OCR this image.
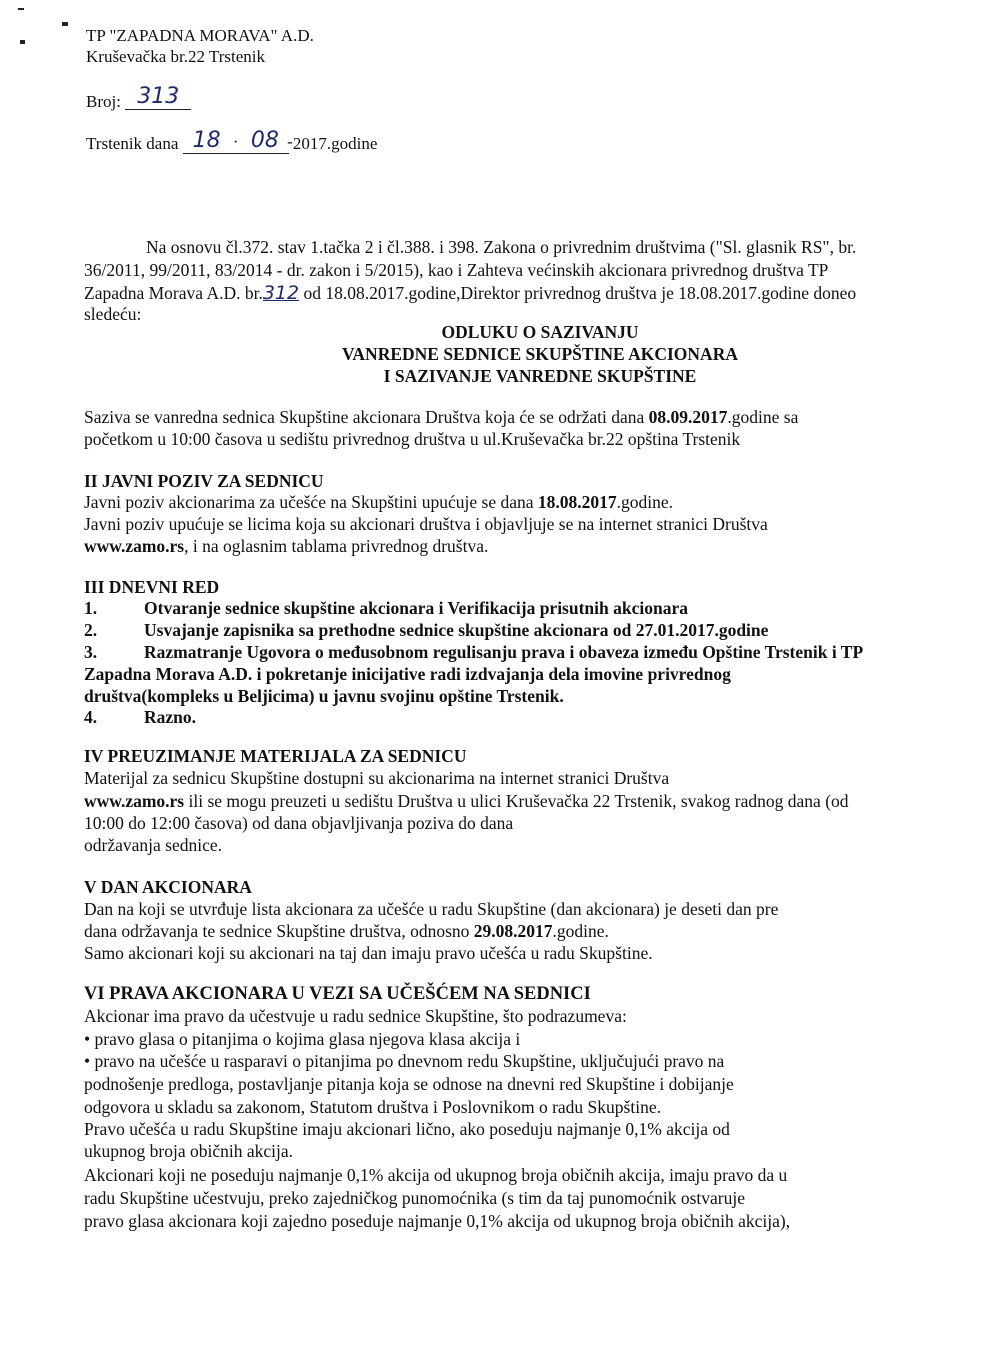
TP "ZAPADNA MORAVA" A.D.
Kruševačka br.22 Trstenik
Broj: 313
Trstenik dana 18 · 08 - 2017.godine
Na osnovu čl.372. stav 1.tačka 2 i čl.388. i 398. Zakona o privrednim društvima ("Sl. glasnik RS", br.
36/2011, 99/2011, 83/2014 - dr. zakon i 5/2015), kao i Zahteva većinskih akcionara privrednog društva TP
Zapadna Morava A.D. br.312 od 18.08.2017.godine,Direktor privrednog društva je 18.08.2017.godine doneo
sledeću:
ODLUKU O SAZIVANJU
VANREDNE SEDNICE SKUPŠTINE AKCIONARA
I SAZIVANJE VANREDNE SKUPŠTINE
Saziva se vanredna sednica Skupštine akcionara Društva koja će se održati dana 08.09.2017.godine sa
početkom u 10:00 časova u sedištu privrednog društva u ul.Kruševačka br.22 opština Trstenik
II JAVNI POZIV ZA SEDNICU
Javni poziv akcionarima za učešće na Skupštini upućuje se dana 18.08.2017.godine.
Javni poziv upućuje se licima koja su akcionari društva i objavljuje se na internet stranici Društva
www.zamo.rs, i na oglasnim tablama privrednog društva.
III DNEVNI RED
1.	Otvaranje sednice skupštine akcionara i Verifikacija prisutnih akcionara
2.	Usvajanje zapisnika sa prethodne sednice skupštine akcionara od 27.01.2017.godine
3.	Razmatranje Ugovora o međusobnom regulisanju prava i obaveza između Opštine Trstenik i TP
Zapadna Morava A.D. i pokretanje inicijative radi izdvajanja dela imovine privrednog
društva(kompleks u Beljicima) u javnu svojinu opštine Trstenik.
4.	Razno.
IV PREUZIMANJE MATERIJALA ZA SEDNICU
Materijal za sednicu Skupštine dostupni su akcionarima na internet stranici Društva
www.zamo.rs ili se mogu preuzeti u sedištu Društva u ulici Kruševačka 22 Trstenik, svakog radnog dana (od
10:00 do 12:00 časova) od dana objavljivanja poziva do dana
održavanja sednice.
V DAN AKCIONARA
Dan na koji se utvrđuje lista akcionara za učešće u radu Skupštine (dan akcionara) je deseti dan pre
dana održavanja te sednice Skupštine društva, odnosno 29.08.2017.godine.
Samo akcionari koji su akcionari na taj dan imaju pravo učešća u radu Skupštine.
VI PRAVA AKCIONARA U VEZI SA UČEŠĆEM NA SEDNICI
Akcionar ima pravo da učestvuje u radu sednice Skupštine, što podrazumeva:
• pravo glasa o pitanjima o kojima glasa njegova klasa akcija i
• pravo na učešće u rasparavi o pitanjima po dnevnom redu Skupštine, uključujući pravo na
podnošenje predloga, postavljanje pitanja koja se odnose na dnevni red Skupštine i dobijanje
odgovora u skladu sa zakonom, Statutom društva i Poslovnikom o radu Skupštine.
Pravo učešća u radu Skupštine imaju akcionari lično, ako poseduju najmanje 0,1% akcija od
ukupnog broja običnih akcija.
Akcionari koji ne poseduju najmanje 0,1% akcija od ukupnog broja običnih akcija, imaju pravo da u
radu Skupštine učestvuju, preko zajedničkog punomoćnika (s tim da taj punomoćnik ostvaruje
pravo glasa akcionara koji zajedno poseduje najmanje 0,1% akcija od ukupnog broja običnih akcija),
